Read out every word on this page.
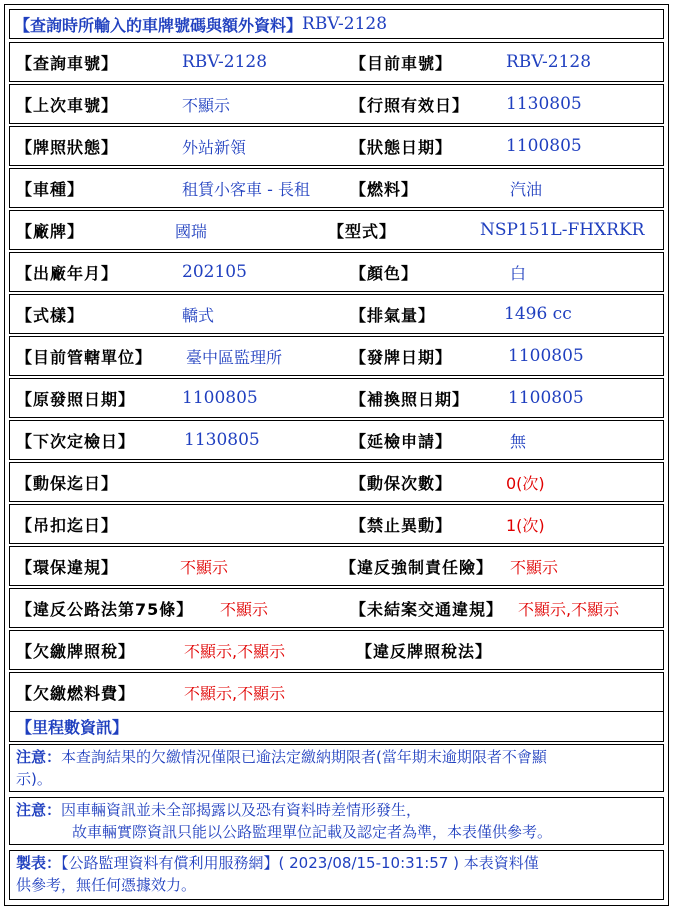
【查詢時所輸入的車牌號碼與額外資料】 RBV-2128
【查詢車號】	RBV-2128	【目前車號】	RBV-2128
【上次車號】	不顯示	【行照有效日】 1130805
【牌照狀態】	外站新領	【狀態日期】	1100805
【車種】	租賃小客車 - 長租	【燃料】	汽油
【廠牌】	國瑞	【型式】	NSP151L-FHXRKR
【出廠年月】	202105	【顏色】	白
【式樣】	轎式	【排氣量】	1496 cc
【目前管轄單位】 臺中區監理所	【發牌日期】	1100805
【原發照日期】	1100805	【補換照日期】 1100805
【下次定檢日】	1130805	【延檢申請】	無
【動保迄日】	【動保次數】	0(次)
【吊扣迄日】	【禁止異動】	1(次)
【環保違規】	不顯示	【違反強制責任險】 不顯示
【違反公路法第75條】 不顯示	【未結案交通違規】 不顯示,不顯示
【欠繳牌照稅】	不顯示,不顯示	【違反牌照稅法】
【欠繳燃料費】	不顯示,不顯示
【里程數資訊】
注意：本查詢結果的欠繳情況僅限已逾法定繳納期限者(當年期末逾期限者不會顯
示)。
注意：因車輛資訊並未全部揭露以及恐有資料時差情形發生，
故車輛實際資訊只能以公路監理單位記載及認定者為準，本表僅供參考。
製表：【公路監理資料有償利用服務網】( 2023/08/15-10:31:57 ) 本表資料僅
供參考，無任何憑據效力。
